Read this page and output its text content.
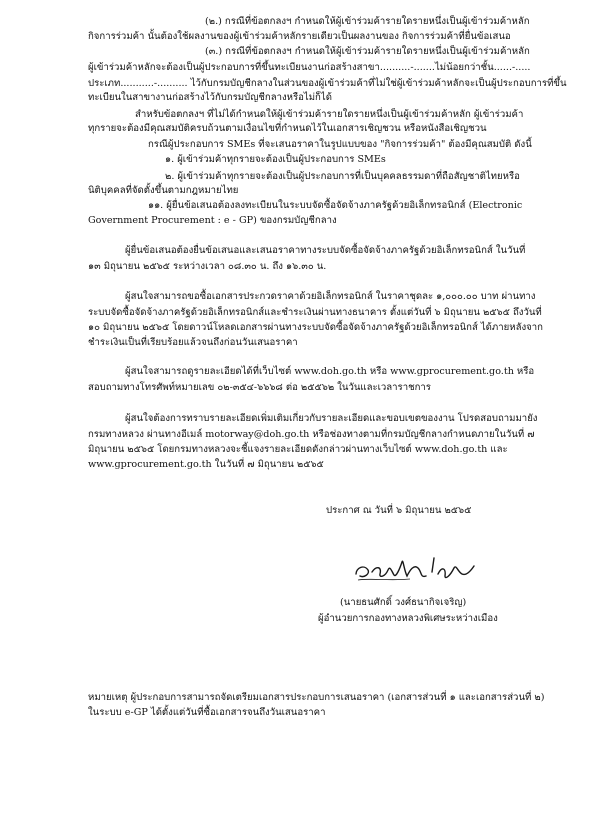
(๒.) กรณีที่ข้อตกลงฯ กำหนดให้ผู้เข้าร่วมค้ารายใดรายหนึ่งเป็นผู้เข้าร่วมค้าหลัก
กิจการร่วมค้า นั้นต้องใช้ผลงานของผู้เข้าร่วมค้าหลักรายเดียวเป็นผลงานของ กิจการร่วมค้าที่ยื่นข้อเสนอ
(๓.) กรณีที่ข้อตกลงฯ กำหนดให้ผู้เข้าร่วมค้ารายใดรายหนึ่งเป็นผู้เข้าร่วมค้าหลัก
ผู้เข้าร่วมค้าหลักจะต้องเป็นผู้ประกอบการที่ขึ้นทะเบียนงานก่อสร้างสาขา..........-.......ไม่น้อยกว่าชั้น......-.....
ประเภท...........-.......... ไว้กับกรมบัญชีกลางในส่วนของผู้เข้าร่วมค้าที่ไม่ใช่ผู้เข้าร่วมค้าหลักจะเป็นผู้ประกอบการที่ขึ้น
ทะเบียนในสาขางานก่อสร้างไว้กับกรมบัญชีกลางหรือไม่ก็ได้
สำหรับข้อตกลงฯ ที่ไม่ได้กำหนดให้ผู้เข้าร่วมค้ารายใดรายหนึ่งเป็นผู้เข้าร่วมค้าหลัก ผู้เข้าร่วมค้า
ทุกรายจะต้องมีคุณสมบัติครบถ้วนตามเงื่อนไขที่กำหนดไว้ในเอกสารเชิญชวน หรือหนังสือเชิญชวน
กรณีผู้ประกอบการ SMEs ที่จะเสนอราคาในรูปแบบของ "กิจการร่วมค้า" ต้องมีคุณสมบัติ ดังนี้
๑. ผู้เข้าร่วมค้าทุกรายจะต้องเป็นผู้ประกอบการ SMEs
๒. ผู้เข้าร่วมค้าทุกรายจะต้องเป็นผู้ประกอบการที่เป็นบุคคลธรรมดาที่ถือสัญชาติไทยหรือ
นิติบุคคลที่จัดตั้งขึ้นตามกฎหมายไทย
๑๑. ผู้ยื่นข้อเสนอต้องลงทะเบียนในระบบจัดซื้อจัดจ้างภาครัฐด้วยอิเล็กทรอนิกส์ (Electronic
Government Procurement : e - GP) ของกรมบัญชีกลาง
ผู้ยื่นข้อเสนอต้องยื่นข้อเสนอและเสนอราคาทางระบบจัดซื้อจัดจ้างภาครัฐด้วยอิเล็กทรอนิกส์ ในวันที่
๑๓ มิถุนายน ๒๕๖๕ ระหว่างเวลา ๐๘.๓๐ น. ถึง ๑๖.๓๐ น.
ผู้สนใจสามารถขอซื้อเอกสารประกวดราคาด้วยอิเล็กทรอนิกส์ ในราคาชุดละ ๑,๐๐๐.๐๐ บาท ผ่านทาง
ระบบจัดซื้อจัดจ้างภาครัฐด้วยอิเล็กทรอนิกส์และชำระเงินผ่านทางธนาคาร ตั้งแต่วันที่ ๖ มิถุนายน ๒๕๖๕ ถึงวันที่
๑๐ มิถุนายน ๒๕๖๕ โดยดาวน์โหลดเอกสารผ่านทางระบบจัดซื้อจัดจ้างภาครัฐด้วยอิเล็กทรอนิกส์ ได้ภายหลังจาก
ชำระเงินเป็นที่เรียบร้อยแล้วจนถึงก่อนวันเสนอราคา
ผู้สนใจสามารถดูรายละเอียดได้ที่เว็บไซต์ www.doh.go.th หรือ www.gprocurement.go.th หรือ
สอบถามทางโทรศัพท์หมายเลข ๐๒-๓๕๔-๖๖๖๘ ต่อ ๒๕๕๖๒ ในวันและเวลาราชการ
ผู้สนใจต้องการทราบรายละเอียดเพิ่มเติมเกี่ยวกับรายละเอียดและขอบเขตของงาน โปรดสอบถามมายัง
กรมทางหลวง ผ่านทางอีเมล์ motorway@doh.go.th หรือช่องทางตามที่กรมบัญชีกลางกำหนดภายในวันที่ ๗
มิถุนายน ๒๕๖๕ โดยกรมทางหลวงจะชี้แจงรายละเอียดดังกล่าวผ่านทางเว็บไซต์ www.doh.go.th และ
www.gprocurement.go.th ในวันที่ ๗ มิถุนายน ๒๕๖๕
ประกาศ ณ วันที่ ๖ มิถุนายน ๒๕๖๕
(นายธนศักดิ์ วงศ์ธนากิจเจริญ)
ผู้อำนวยการกองทางหลวงพิเศษระหว่างเมือง
หมายเหตุ ผู้ประกอบการสามารถจัดเตรียมเอกสารประกอบการเสนอราคา (เอกสารส่วนที่ ๑ และเอกสารส่วนที่ ๒)
ในระบบ e-GP ได้ตั้งแต่วันที่ซื้อเอกสารจนถึงวันเสนอราคา
